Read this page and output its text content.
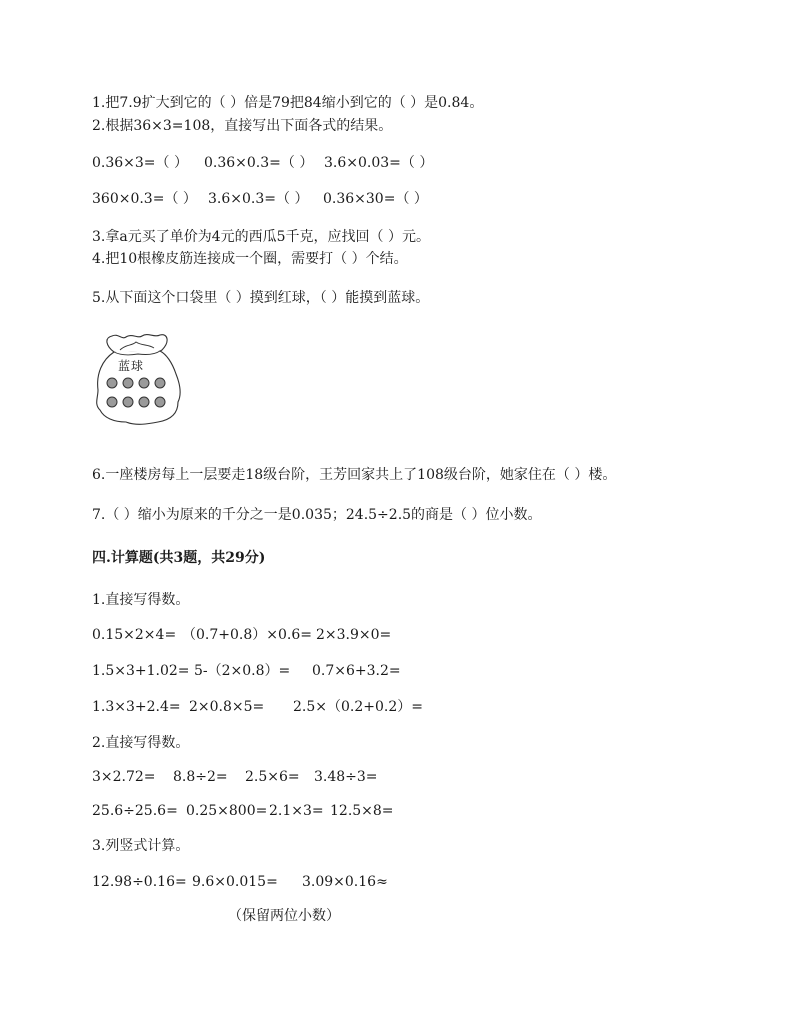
1.把7.9扩大到它的（ ）倍是79把84缩小到它的（ ）是0.84。
2.根据36×3=108，直接写出下面各式的结果。
0.36×3=（ ） 0.36×0.3=（ ） 3.6×0.03=（ ）
360×0.3=（ ） 3.6×0.3=（ ） 0.36×30=（ ）
3.拿a元买了单价为4元的西瓜5千克，应找回（ ）元。
4.把10根橡皮筋连接成一个圈，需要打（ ）个结。
5.从下面这个口袋里（ ）摸到红球，（ ）能摸到蓝球。
蓝球
6.一座楼房每上一层要走18级台阶，王芳回家共上了108级台阶，她家住在（ ）楼。
7.（ ）缩小为原来的千分之一是0.035；24.5÷2.5的商是（ ）位小数。
四.计算题(共3题，共29分)
1.直接写得数。
0.15×2×4= （0.7+0.8）×0.6= 2×3.9×0=
1.5×3+1.02= 5-（2×0.8）= 0.7×6+3.2=
1.3×3+2.4= 2×0.8×5= 2.5×（0.2+0.2）=
2.直接写得数。
3×2.72= 8.8÷2= 2.5×6= 3.48÷3=
25.6÷25.6= 0.25×800= 2.1×3= 12.5×8=
3.列竖式计算。
12.98÷0.16= 9.6×0.015= 3.09×0.16≈
（保留两位小数）
